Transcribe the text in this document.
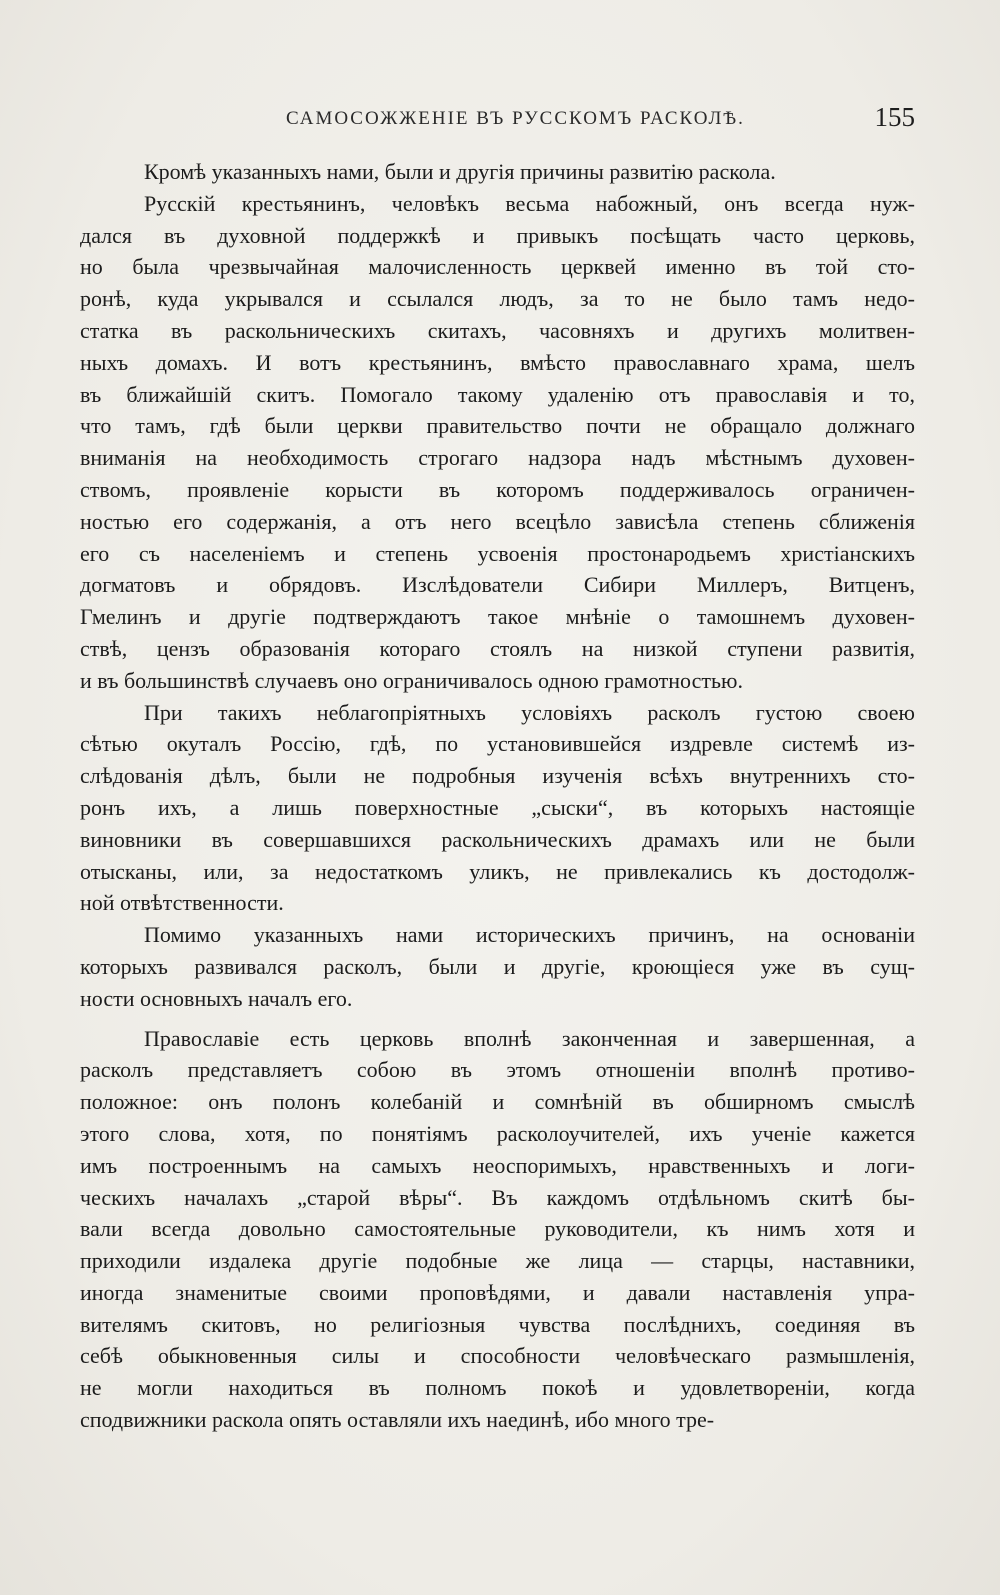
САМОСОЖЖЕНІЕ ВЪ РУССКОМЪ РАСКОЛѢ.	155
Кромѣ указанныхъ нами, были и другія причины развитію раскола.
Русскій крестьянинъ, человѣкъ весьма набожный, онъ всегда нуж-
дался въ духовной поддержкѣ и привыкъ посѣщать часто церковь,
но была чрезвычайная малочисленность церквей именно въ той сто-
ронѣ, куда укрывался и ссылался людъ, за то не было тамъ недо-
статка въ раскольническихъ скитахъ, часовняхъ и другихъ молитвен-
ныхъ домахъ. И вотъ крестьянинъ, вмѣсто православнаго храма, шелъ
въ ближайшій скитъ. Помогало такому удаленію отъ православія и то,
что тамъ, гдѣ были церкви правительство почти не обращало должнаго
вниманія на необходимость строгаго надзора надъ мѣстнымъ духовен-
ствомъ, проявленіе корысти въ которомъ поддерживалось ограничен-
ностью его содержанія, а отъ него всецѣло зависѣла степень сближенія
его съ населеніемъ и степень усвоенія простонародьемъ христіанскихъ
догматовъ и обрядовъ. Изслѣдователи Сибири Миллеръ, Витценъ,
Гмелинъ и другіе подтверждаютъ такое мнѣніе о тамошнемъ духовен-
ствѣ, цензъ образованія котораго стоялъ на низкой ступени развитія,
и въ большинствѣ случаевъ оно ограничивалось одною грамотностью.
При такихъ неблагопріятныхъ условіяхъ расколъ густою своею
сѣтью окуталъ Россію, гдѣ, по установившейся издревле системѣ из-
слѣдованія дѣлъ, были не подробныя изученія всѣхъ внутреннихъ сто-
ронъ ихъ, а лишь поверхностные „сыски“, въ которыхъ настоящіе
виновники въ совершавшихся раскольническихъ драмахъ или не были
отысканы, или, за недостаткомъ уликъ, не привлекались къ достодолж-
ной отвѣтственности.
Помимо указанныхъ нами историческихъ причинъ, на основаніи
которыхъ развивался расколъ, были и другіе, кроющіеся уже въ сущ-
ности основныхъ началъ его.
Православіе есть церковь вполнѣ законченная и завершенная, а
расколъ представляетъ собою въ этомъ отношеніи вполнѣ противо-
положное: онъ полонъ колебаній и сомнѣній въ обширномъ смыслѣ
этого слова, хотя, по понятіямъ расколоучителей, ихъ ученіе кажется
имъ построеннымъ на самыхъ неоспоримыхъ, нравственныхъ и логи-
ческихъ началахъ „старой вѣры“. Въ каждомъ отдѣльномъ скитѣ бы-
вали всегда довольно самостоятельные руководители, къ нимъ хотя и
приходили издалека другіе подобные же лица — старцы, наставники,
иногда знаменитые своими проповѣдями, и давали наставленія упра-
вителямъ скитовъ, но религіозныя чувства послѣднихъ, соединяя въ
себѣ обыкновенныя силы и способности человѣческаго размышленія,
не могли находиться въ полномъ покоѣ и удовлетвореніи, когда
сподвижники раскола опять оставляли ихъ наединѣ, ибо много тре-
